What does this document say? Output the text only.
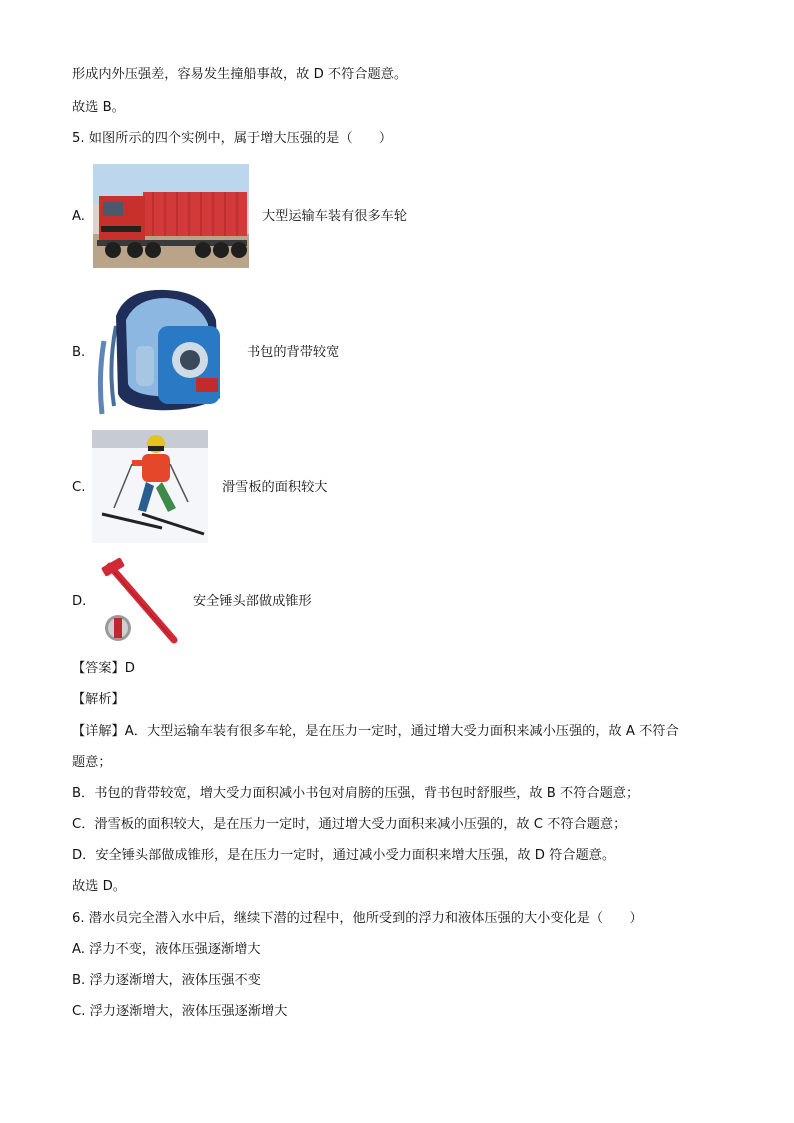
形成内外压强差，容易发生撞船事故，故 D 不符合题意。
故选 B。
5. 如图所示的四个实例中，属于增大压强的是（　　）
A.	大型运输车装有很多车轮
B.	书包的背带较宽
C.	滑雪板的面积较大
D.	安全锤头部做成锥形
【答案】D
【解析】
【详解】A．大型运输车装有很多车轮，是在压力一定时，通过增大受力面积来减小压强的，故 A 不符合
题意；
B．书包的背带较宽，增大受力面积减小书包对肩膀的压强，背书包时舒服些，故 B 不符合题意；
C．滑雪板的面积较大，是在压力一定时，通过增大受力面积来减小压强的，故 C 不符合题意；
D．安全锤头部做成锥形，是在压力一定时，通过减小受力面积来增大压强，故 D 符合题意。
故选 D。
6. 潜水员完全潜入水中后，继续下潜的过程中，他所受到的浮力和液体压强的大小变化是（　　）
A. 浮力不变，液体压强逐渐增大
B. 浮力逐渐增大，液体压强不变
C. 浮力逐渐增大，液体压强逐渐增大
